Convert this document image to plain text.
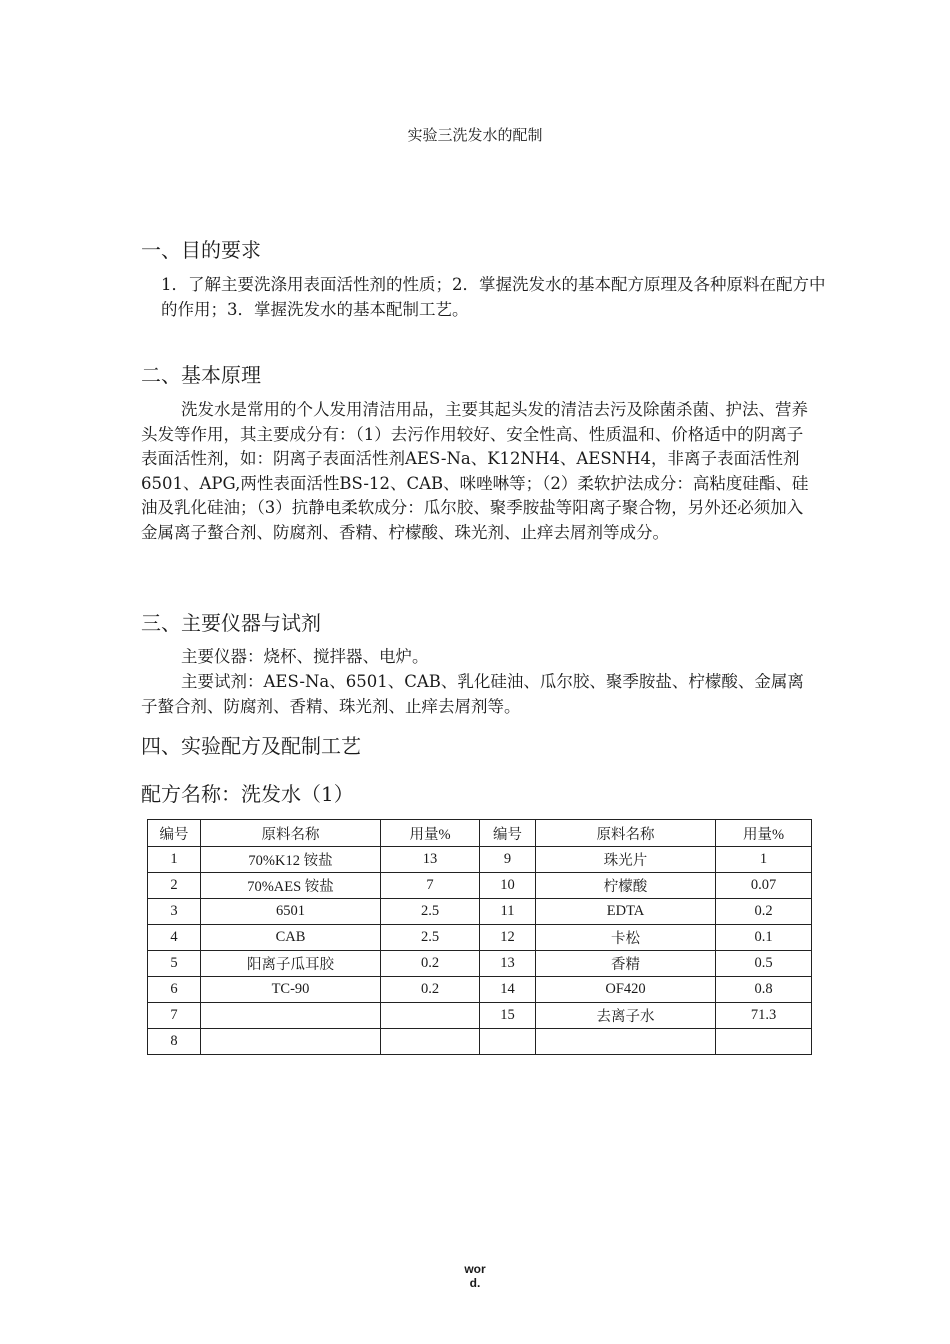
实验三洗发水的配制
一、目的要求
1．了解主要洗涤用表面活性剂的性质；2．掌握洗发水的基本配方原理及各种原料在配方中的作用；3．掌握洗发水的基本配制工艺。
二、基本原理
洗发水是常用的个人发用清洁用品，主要其起头发的清洁去污及除菌杀菌、护法、营养头发等作用，其主要成分有：（1）去污作用较好、安全性高、性质温和、价格适中的阴离子表面活性剂，如：阴离子表面活性剂AES-Na、K12NH4、AESNH4，非离子表面活性剂6501、APG,两性表面活性BS-12、CAB、咪唑啉等；（2）柔软护法成分：高粘度硅酯、硅油及乳化硅油；（3）抗静电柔软成分：瓜尔胶、聚季胺盐等阳离子聚合物，另外还必须加入金属离子螯合剂、防腐剂、香精、柠檬酸、珠光剂、止痒去屑剂等成分。
三、主要仪器与试剂
主要仪器：烧杯、搅拌器、电炉。
主要试剂：AES-Na、6501、CAB、乳化硅油、瓜尔胶、聚季胺盐、柠檬酸、金属离子螯合剂、防腐剂、香精、珠光剂、止痒去屑剂等。
四、实验配方及配制工艺
配方名称：洗发水（1）
编号	原料名称	用量%	编号	原料名称	用量%
1	70%K12 铵盐	13	9	珠光片	1
2	70%AES 铵盐	7	10	柠檬酸	0.07
3	6501	2.5	11	EDTA	0.2
4	CAB	2.5	12	卡松	0.1
5	阳离子瓜耳胶	0.2	13	香精	0.5
6	TC-90	0.2	14	OF420	0.8
7			15	去离子水	71.3
8					
wor
d.
